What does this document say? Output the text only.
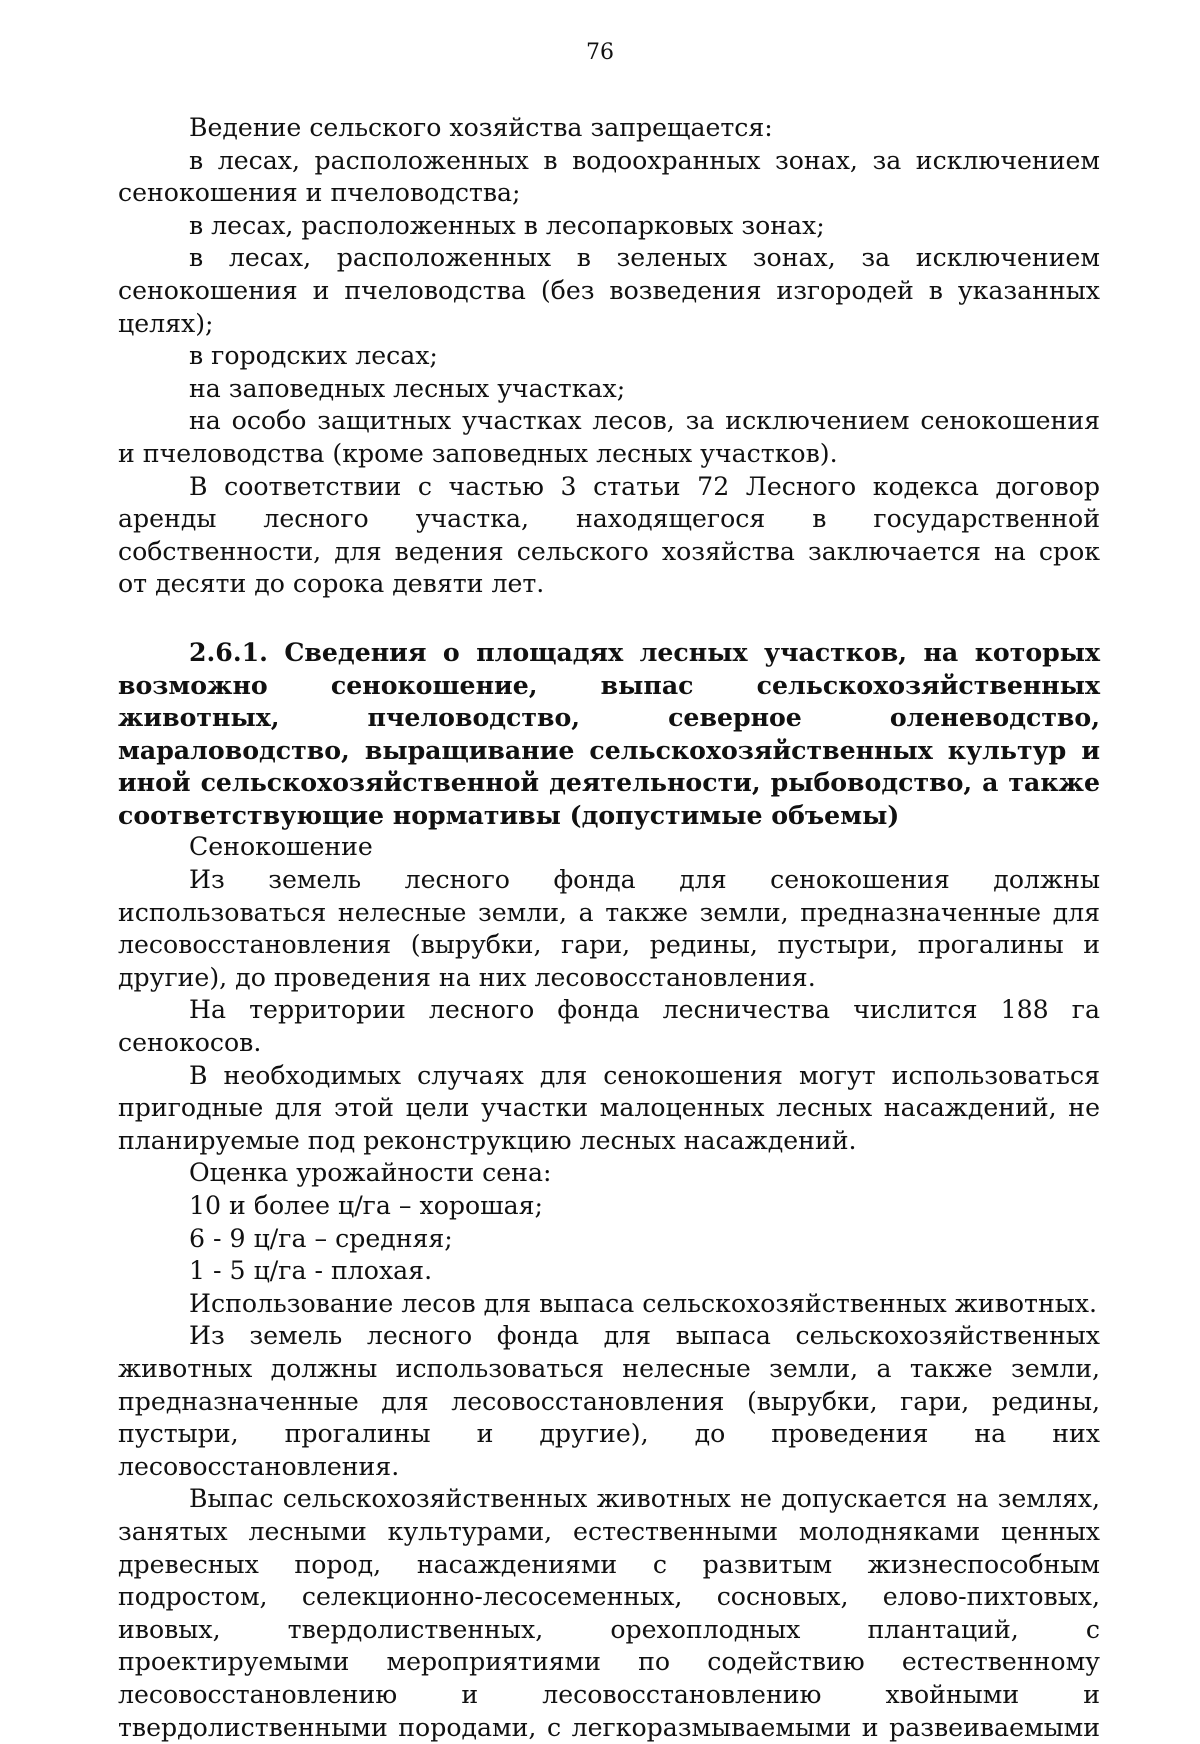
76

Ведение сельского хозяйства запрещается:

в лесах, расположенных в водоохранных зонах, за исключением сенокошения и пчеловодства;

в лесах, расположенных в лесопарковых зонах;

в лесах, расположенных в зеленых зонах, за исключением сенокошения и пчеловодства (без возведения изгородей в указанных целях);

в городских лесах;

на заповедных лесных участках;

на особо защитных участках лесов, за исключением сенокошения и пчеловодства (кроме заповедных лесных участков).

В соответствии с частью 3 статьи 72 Лесного кодекса договор аренды лесного участка, находящегося в государственной собственности, для ведения сельского хозяйства заключается на срок от десяти до сорока девяти лет.

2.6.1. Сведения о площадях лесных участков, на которых возможно сенокошение, выпас сельскохозяйственных животных, пчеловодство, северное оленеводство, мараловодство, выращивание сельскохозяйственных культур и иной сельскохозяйственной деятельности, рыбоводство, а также соответствующие нормативы (допустимые объемы)

Сенокошение

Из земель лесного фонда для сенокошения должны использоваться нелесные земли, а также земли, предназначенные для лесовосстановления (вырубки, гари, редины, пустыри, прогалины и другие), до проведения на них лесовосстановления.

На территории лесного фонда лесничества числится 188 га сенокосов.

В необходимых случаях для сенокошения могут использоваться пригодные для этой цели участки малоценных лесных насаждений, не планируемые под реконструкцию лесных насаждений.

Оценка урожайности сена:

10 и более ц/га – хорошая;

6 - 9 ц/га – средняя;

1 - 5 ц/га - плохая.

Использование лесов для выпаса сельскохозяйственных животных.

Из земель лесного фонда для выпаса сельскохозяйственных животных должны использоваться нелесные земли, а также земли, предназначенные для лесовосстановления (вырубки, гари, редины, пустыри, прогалины и другие), до проведения на них лесовосстановления.

Выпас сельскохозяйственных животных не допускается на землях, занятых лесными культурами, естественными молодняками ценных древесных пород, насаждениями с развитым жизнеспособным подростом, селекционно-лесосеменных, сосновых, елово-пихтовых, ивовых, твердолиственных, орехоплодных плантаций, с проектируемыми мероприятиями по содействию естественному лесовосстановлению и лесовосстановлению хвойными и твердолиственными породами, с легкоразмываемыми и развеиваемыми
